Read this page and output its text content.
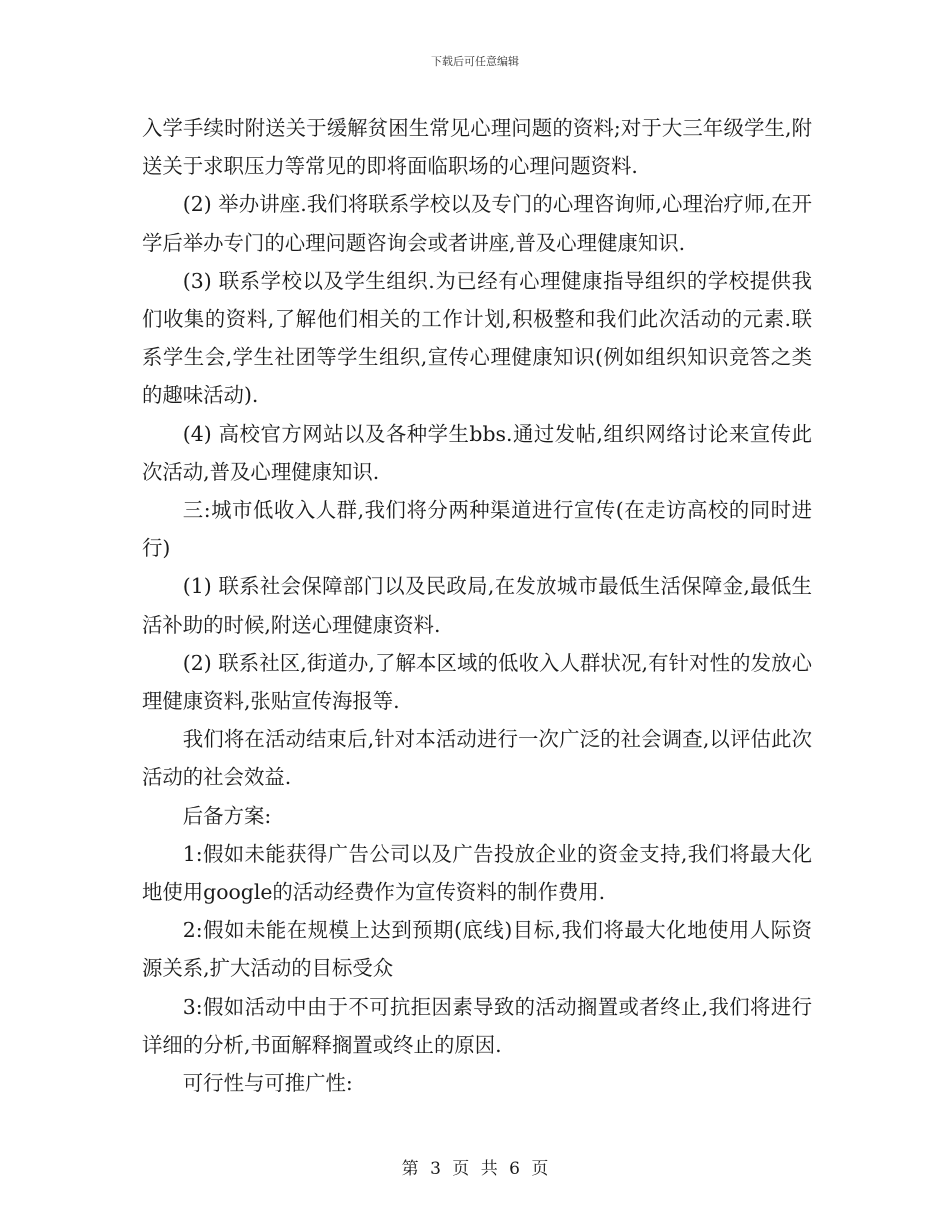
下载后可任意编辑

入学手续时附送关于缓解贫困生常见心理问题的资料;对于大三年级学生,附送关于求职压力等常见的即将面临职场的心理问题资料.

(2) 举办讲座.我们将联系学校以及专门的心理咨询师,心理治疗师,在开学后举办专门的心理问题咨询会或者讲座,普及心理健康知识.

(3) 联系学校以及学生组织.为已经有心理健康指导组织的学校提供我们收集的资料,了解他们相关的工作计划,积极整和我们此次活动的元素.联系学生会,学生社团等学生组织,宣传心理健康知识(例如组织知识竞答之类的趣味活动).

(4) 高校官方网站以及各种学生bbs.通过发帖,组织网络讨论来宣传此次活动,普及心理健康知识.

三:城市低收入人群,我们将分两种渠道进行宣传(在走访高校的同时进行)

(1) 联系社会保障部门以及民政局,在发放城市最低生活保障金,最低生活补助的时候,附送心理健康资料.

(2) 联系社区,街道办,了解本区域的低收入人群状况,有针对性的发放心理健康资料,张贴宣传海报等.

我们将在活动结束后,针对本活动进行一次广泛的社会调查,以评估此次活动的社会效益.

后备方案:

1:假如未能获得广告公司以及广告投放企业的资金支持,我们将最大化地使用google的活动经费作为宣传资料的制作费用.

2:假如未能在规模上达到预期(底线)目标,我们将最大化地使用人际资源关系,扩大活动的目标受众

3:假如活动中由于不可抗拒因素导致的活动搁置或者终止,我们将进行详细的分析,书面解释搁置或终止的原因.

可行性与可推广性:

第 3 页 共 6 页
